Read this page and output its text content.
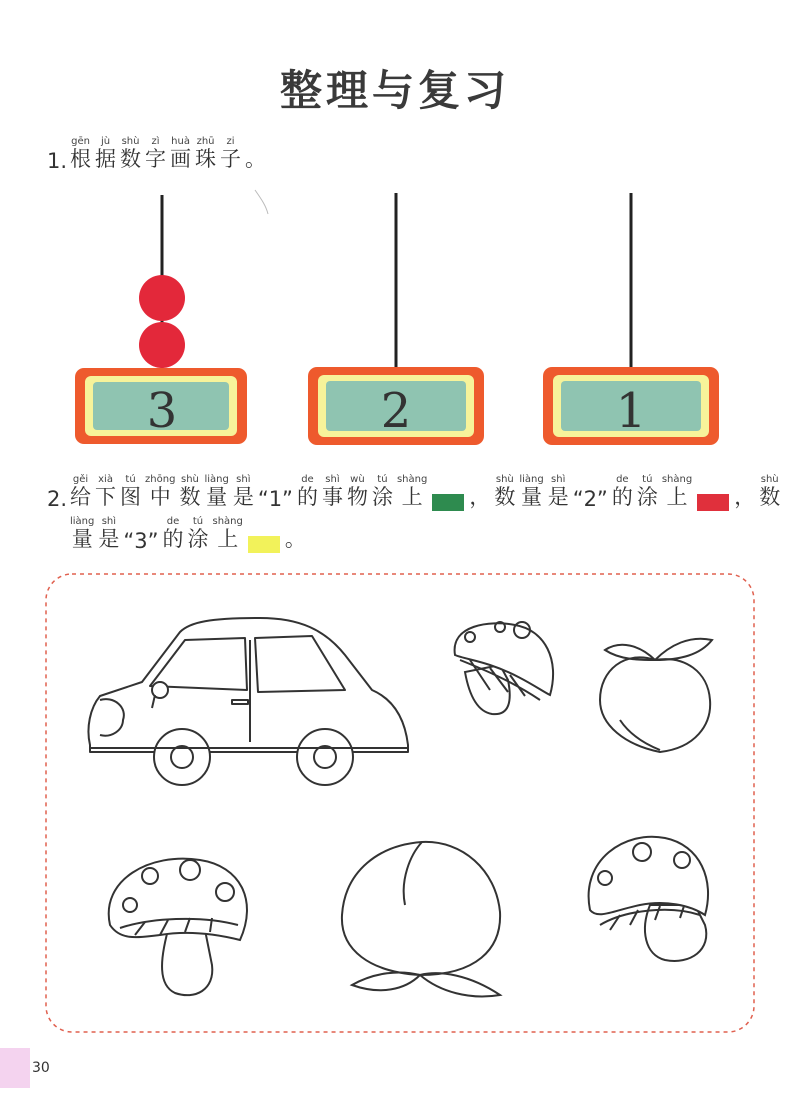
整理与复习
1. 根gēn
据jù
数shù
字zì
画huà
珠zhū
子zi
。
2. 给gěi
下xià
图tú
中zhōng
数shù
量liàng
是shì
“1” 的de
事shì
物wù
涂tú
上shàng
， 数shù
量liàng
是shì
“2” 的de
涂tú
上shàng
， 数shù
量liàng
是shì
“3” 的de
涂tú
上shàng
。
3	2	1
30
